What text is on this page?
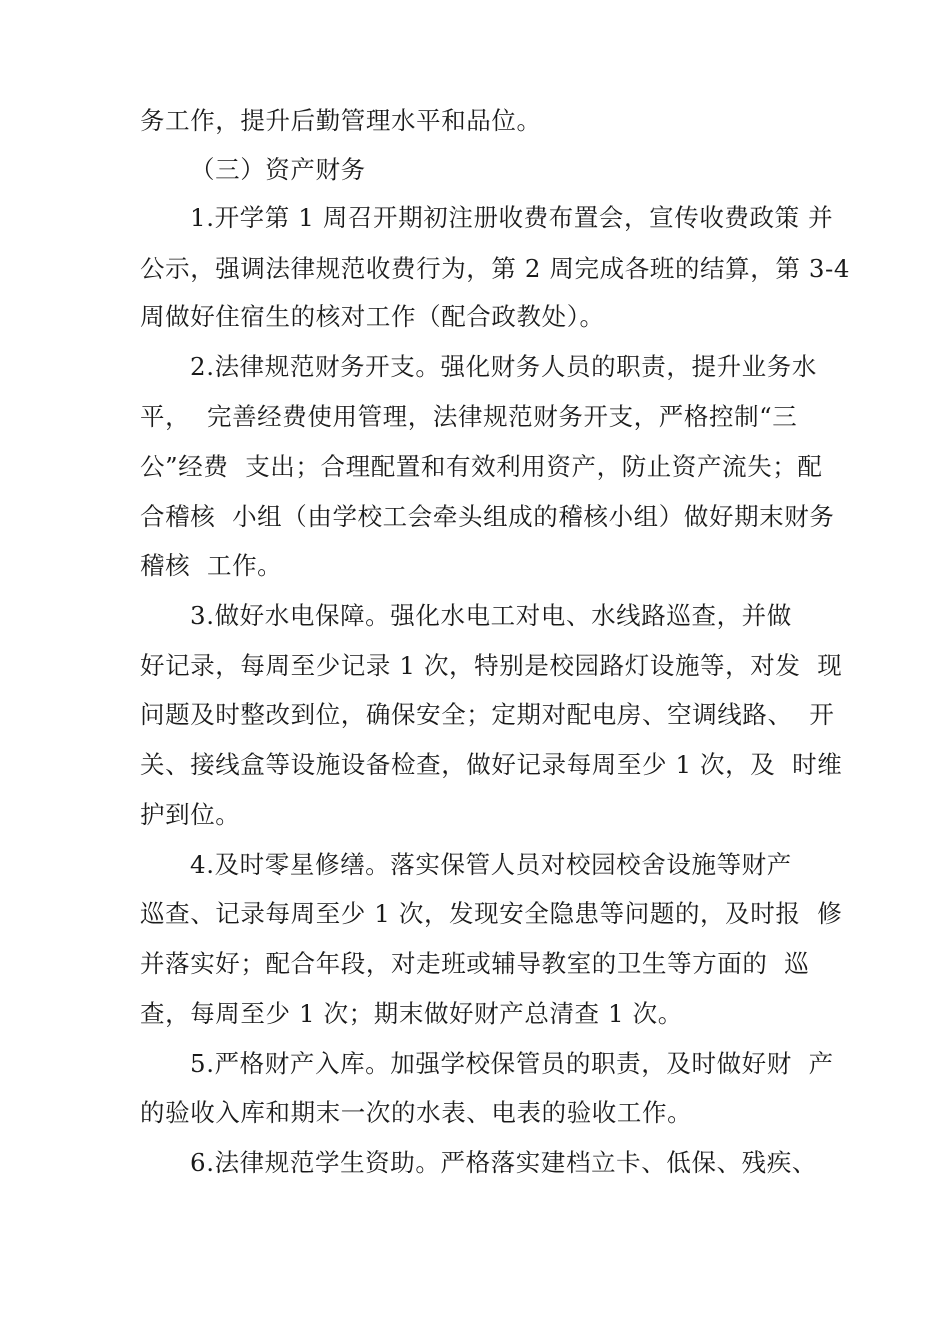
务工作，提升后勤管理水平和品位。
（三）资产财务
1.开学第 1 周召开期初注册收费布置会，宣传收费政策 并
公示，强调法律规范收费行为，第 2 周完成各班的结算，第 3-4
周做好住宿生的核对工作（配合政教处）。
2.法律规范财务开支。强化财务人员的职责，提升业务水
平，  完善经费使用管理，法律规范财务开支，严格控制“三
公”经费  支出；合理配置和有效利用资产，防止资产流失；配
合稽核  小组（由学校工会牵头组成的稽核小组）做好期末财务
稽核  工作。
3.做好水电保障。强化水电工对电、水线路巡查，并做
好记录，每周至少记录 1 次，特别是校园路灯设施等，对发  现
问题及时整改到位，确保安全；定期对配电房、空调线路、  开
关、接线盒等设施设备检查，做好记录每周至少 1 次，及  时维
护到位。
4.及时零星修缮。落实保管人员对校园校舍设施等财产
巡查、记录每周至少 1 次，发现安全隐患等问题的，及时报  修
并落实好；配合年段，对走班或辅导教室的卫生等方面的  巡
查，每周至少 1 次；期末做好财产总清查 1 次。
5.严格财产入库。加强学校保管员的职责，及时做好财  产
的验收入库和期末一次的水表、电表的验收工作。
6.法律规范学生资助。严格落实建档立卡、低保、残疾、
